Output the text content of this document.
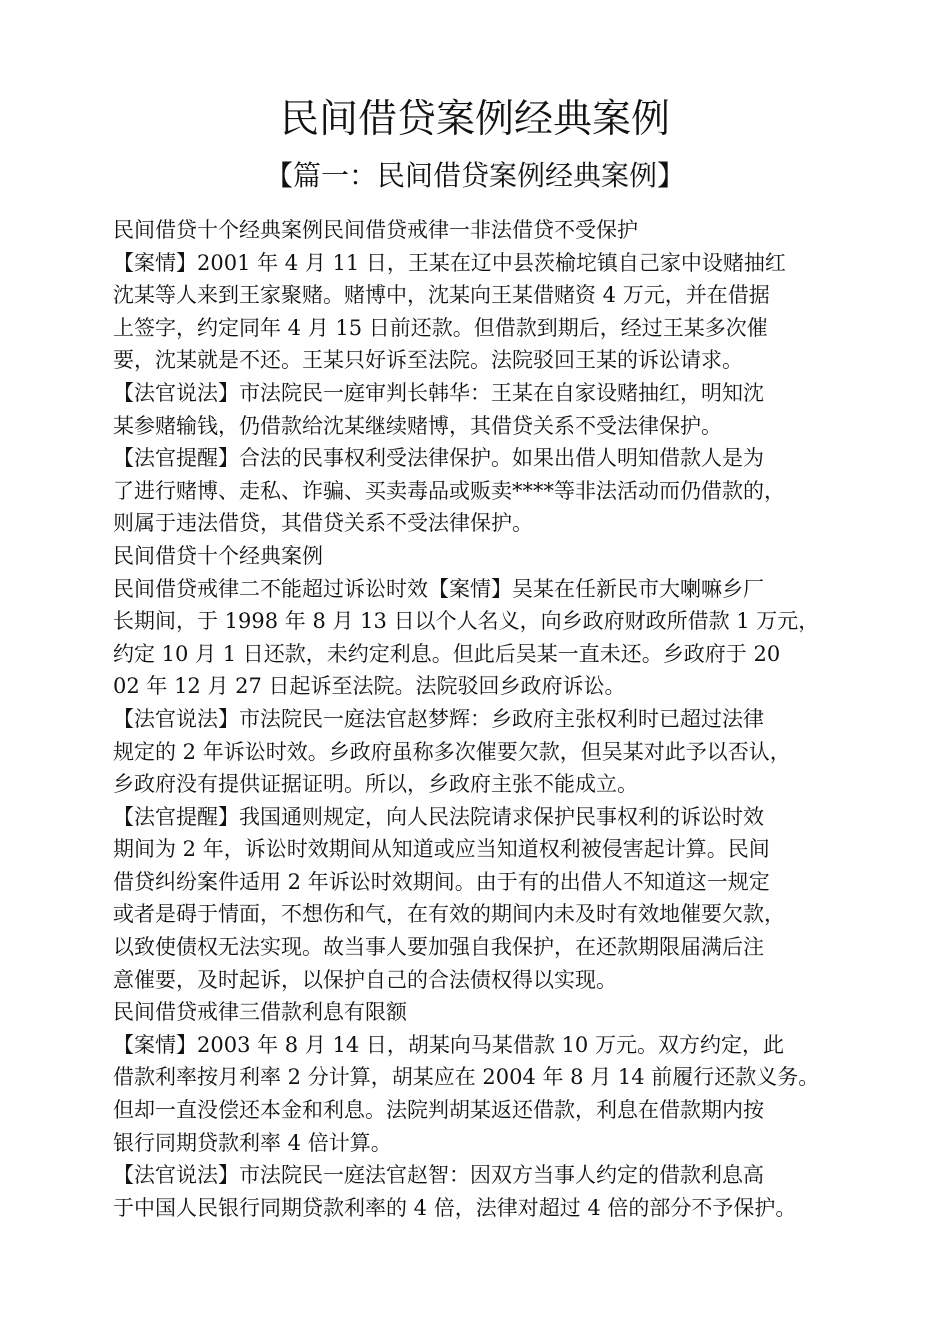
民间借贷案例经典案例
【篇一：民间借贷案例经典案例】
民间借贷十个经典案例民间借贷戒律一非法借贷不受保护
【案情】2001 年 4 月 11 日，王某在辽中县茨榆坨镇自己家中设赌抽红
沈某等人来到王家聚赌。赌博中，沈某向王某借赌资 4 万元，并在借据
上签字，约定同年 4 月 15 日前还款。但借款到期后，经过王某多次催
要，沈某就是不还。王某只好诉至法院。法院驳回王某的诉讼请求。
【法官说法】市法院民一庭审判长韩华：王某在自家设赌抽红，明知沈
某参赌输钱，仍借款给沈某继续赌博，其借贷关系不受法律保护。
【法官提醒】合法的民事权利受法律保护。如果出借人明知借款人是为
了进行赌博、走私、诈骗、买卖毒品或贩卖****等非法活动而仍借款的，
则属于违法借贷，其借贷关系不受法律保护。
民间借贷十个经典案例
民间借贷戒律二不能超过诉讼时效【案情】吴某在任新民市大喇嘛乡厂
长期间，于 1998 年 8 月 13 日以个人名义，向乡政府财政所借款 1 万元，
约定 10 月 1 日还款，未约定利息。但此后吴某一直未还。乡政府于 20
02 年 12 月 27 日起诉至法院。法院驳回乡政府诉讼。
【法官说法】市法院民一庭法官赵梦辉：乡政府主张权利时已超过法律
规定的 2 年诉讼时效。乡政府虽称多次催要欠款，但吴某对此予以否认，
乡政府没有提供证据证明。所以，乡政府主张不能成立。
【法官提醒】我国通则规定，向人民法院请求保护民事权利的诉讼时效
期间为 2 年，诉讼时效期间从知道或应当知道权利被侵害起计算。民间
借贷纠纷案件适用 2 年诉讼时效期间。由于有的出借人不知道这一规定
或者是碍于情面，不想伤和气，在有效的期间内未及时有效地催要欠款，
以致使债权无法实现。故当事人要加强自我保护，在还款期限届满后注
意催要，及时起诉，以保护自己的合法债权得以实现。
民间借贷戒律三借款利息有限额
【案情】2003 年 8 月 14 日，胡某向马某借款 10 万元。双方约定，此
借款利率按月利率 2 分计算，胡某应在 2004 年 8 月 14 前履行还款义务。
但却一直没偿还本金和利息。法院判胡某返还借款，利息在借款期内按
银行同期贷款利率 4 倍计算。
【法官说法】市法院民一庭法官赵智：因双方当事人约定的借款利息高
于中国人民银行同期贷款利率的 4 倍，法律对超过 4 倍的部分不予保护。
